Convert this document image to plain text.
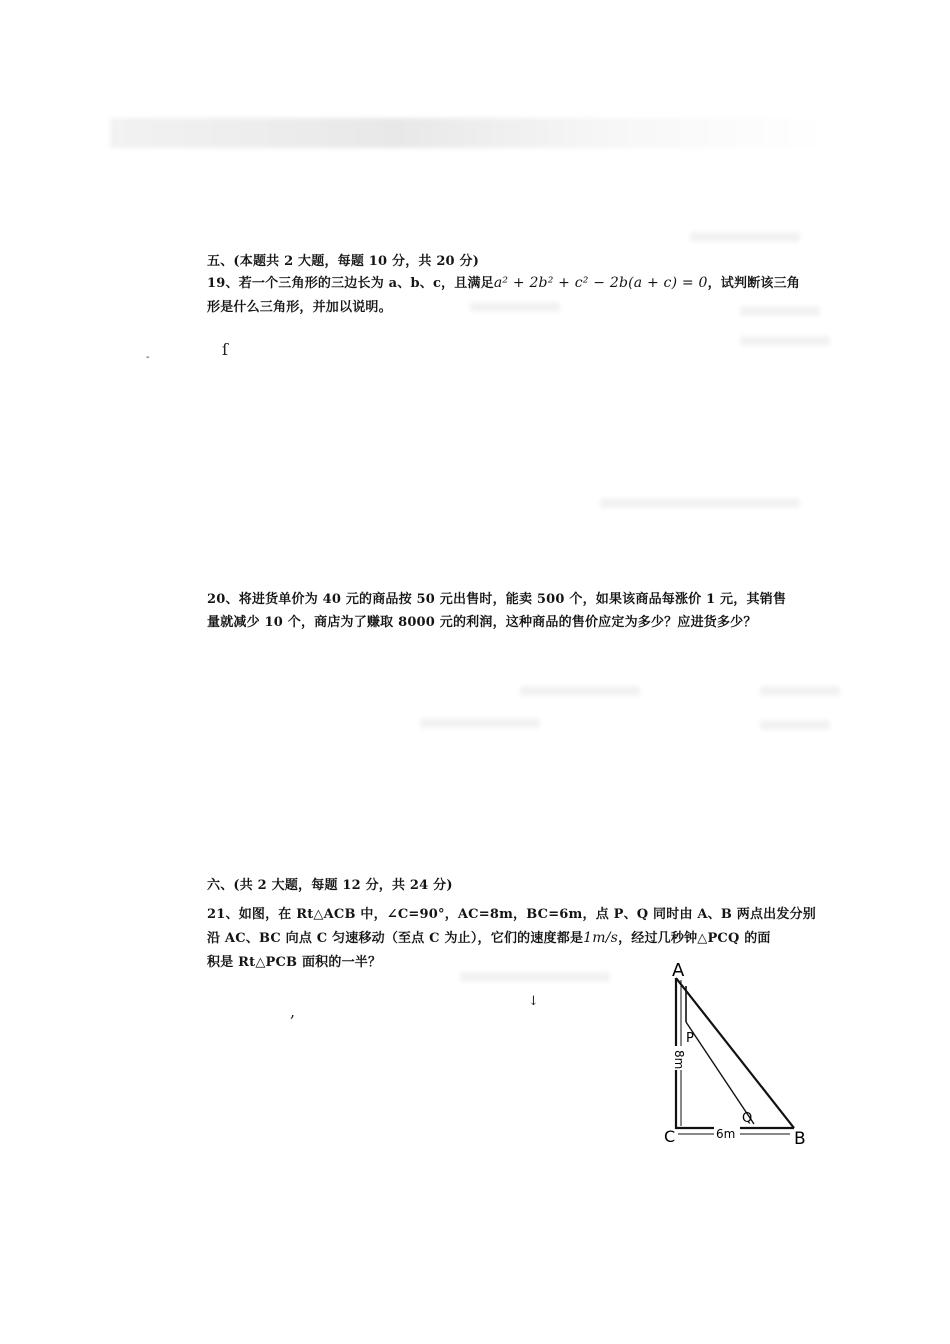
五、(本题共 2 大题，每题 10 分，共 20 分)
19、若一个三角形的三边长为 a、b、c，且满足a² + 2b² + c² − 2b(a + c) = 0，试判断该三角
形是什么三角形，并加以说明。
ſ
-
20、将进货单价为 40 元的商品按 50 元出售时，能卖 500 个，如果该商品每涨价 1 元，其销售
量就减少 10 个，商店为了赚取 8000 元的利润，这种商品的售价应定为多少？应进货多少？
六、(共 2 大题，每题 12 分，共 24 分)
21、如图，在 Rt△ACB 中，∠C=90°，AC=8m，BC=6m，点 P、Q 同时由 A、B 两点出发分别
沿 AC、BC 向点 C 匀速移动（至点 C 为止），它们的速度都是1m/s，经过几秒钟△PCQ 的面
积是 Rt△PCB 面积的一半？
,
↓
A
C	B
P
Q
8m
6m
